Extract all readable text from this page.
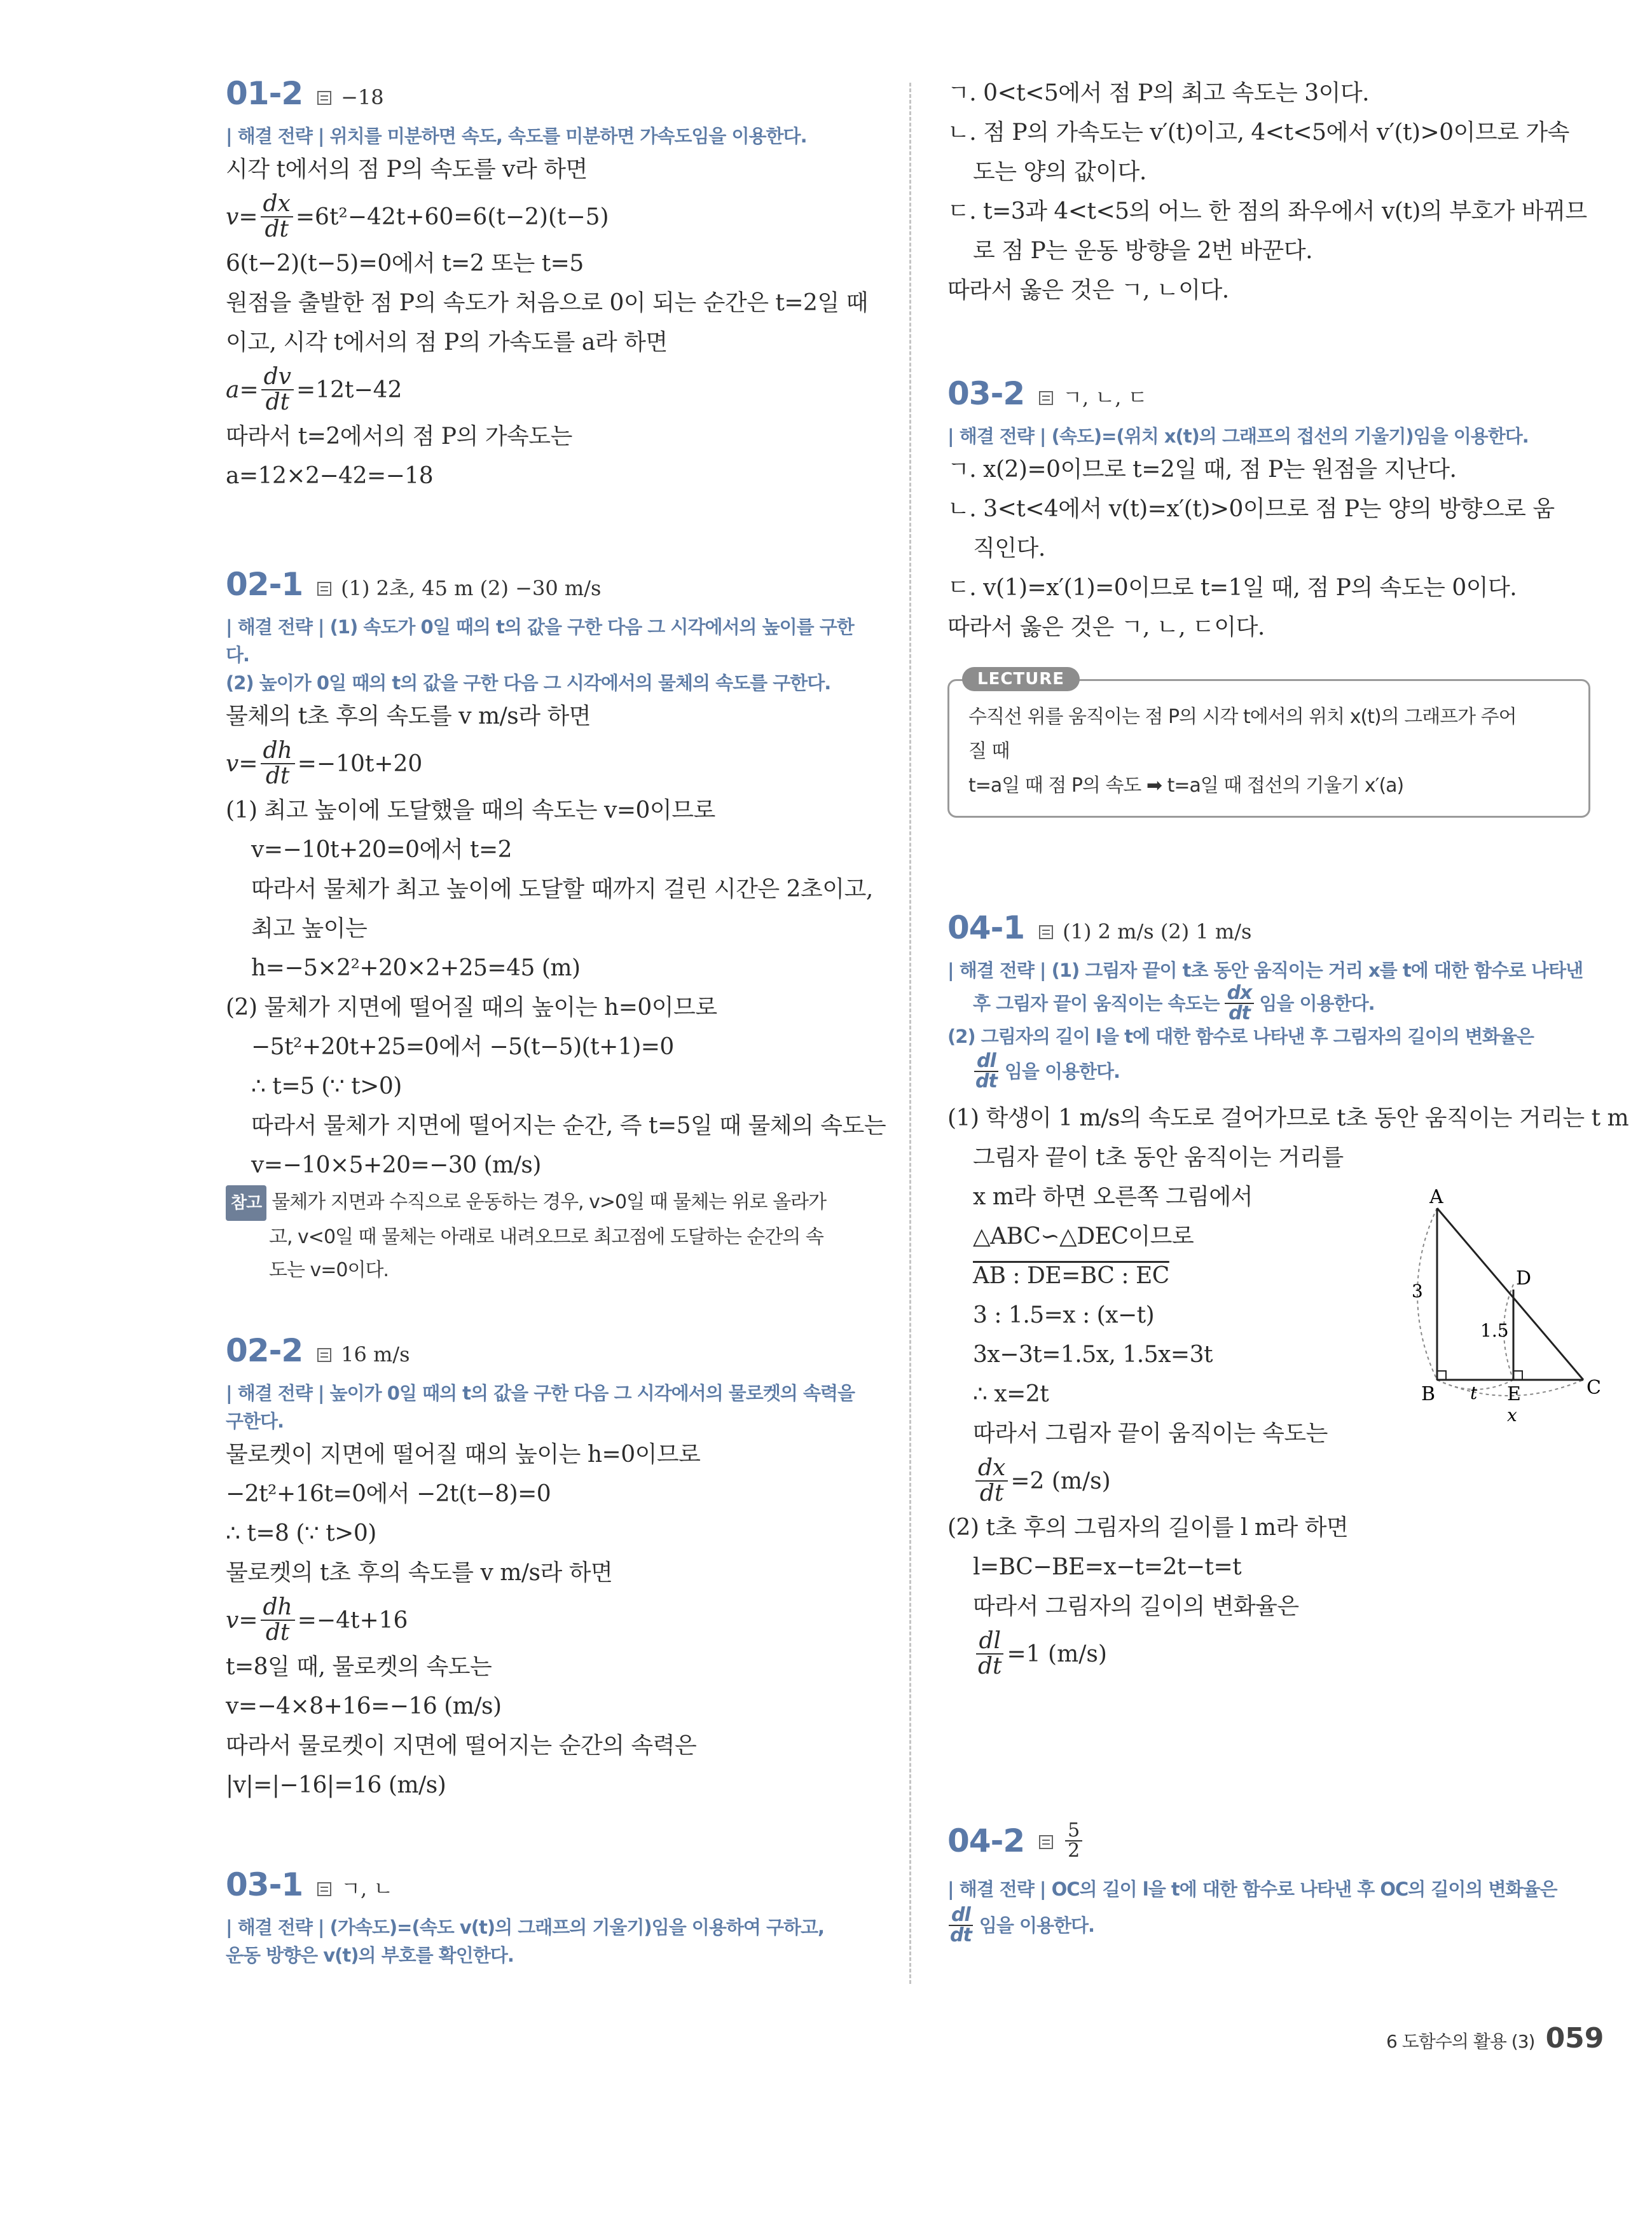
01-2 −18
| 해결 전략 | 위치를 미분하면 속도, 속도를 미분하면 가속도임을 이용한다.
시각 t에서의 점 P의 속도를 v라 하면
$v= \frac{dx}{dt} =6t^2-42t+60=6(t-2)(t-5)$
6(t−2)(t−5)=0에서 t=2 또는 t=5
원점을 출발한 점 P의 속도가 처음으로 0이 되는 순간은 t=2일 때
이고, 시각 t에서의 점 P의 가속도를 a라 하면
$a= \frac{dv}{dt} =12t-42$
따라서 t=2에서의 점 P의 가속도는
a=12×2−42=−18
02-1 (1) 2초, 45 m (2) −30 m/s
| 해결 전략 | (1) 속도가 0일 때의 t의 값을 구한 다음 그 시각에서의 높이를 구한다.
(2) 높이가 0일 때의 t의 값을 구한 다음 그 시각에서의 물체의 속도를 구한다.
물체의 t초 후의 속도를 v m/s라 하면
$v= \frac{dh}{dt} =-10t+20$
(1) 최고 높이에 도달했을 때의 속도는 v=0이므로
v=−10t+20=0에서 t=2
따라서 물체가 최고 높이에 도달할 때까지 걸린 시간은 2초이고,
최고 높이는
h=−5×2²+20×2+25=45 (m)
(2) 물체가 지면에 떨어질 때의 높이는 h=0이므로
−5t²+20t+25=0에서 −5(t−5)(t+1)=0
∴ t=5 (∵ t>0)
따라서 물체가 지면에 떨어지는 순간, 즉 t=5일 때 물체의 속도는
v=−10×5+20=−30 (m/s)
참고 물체가 지면과 수직으로 운동하는 경우, v>0일 때 물체는 위로 올라가
고, v<0일 때 물체는 아래로 내려오므로 최고점에 도달하는 순간의 속
도는 v=0이다.
02-2 16 m/s
| 해결 전략 | 높이가 0일 때의 t의 값을 구한 다음 그 시각에서의 물로켓의 속력을
구한다.
물로켓이 지면에 떨어질 때의 높이는 h=0이므로
−2t²+16t=0에서 −2t(t−8)=0
∴ t=8 (∵ t>0)
물로켓의 t초 후의 속도를 v m/s라 하면
$v= \frac{dh}{dt} =-4t+16$
t=8일 때, 물로켓의 속도는
v=−4×8+16=−16 (m/s)
따라서 물로켓이 지면에 떨어지는 순간의 속력은
|v|=|−16|=16 (m/s)
03-1 ㄱ, ㄴ
| 해결 전략 | (가속도)=(속도 v(t)의 그래프의 기울기)임을 이용하여 구하고,
운동 방향은 v(t)의 부호를 확인한다.
ㄱ. 0<t<5에서 점 P의 최고 속도는 3이다.
ㄴ. 점 P의 가속도는 v′(t)이고, 4<t<5에서 v′(t)>0이므로 가속
도는 양의 값이다.
ㄷ. t=3과 4<t<5의 어느 한 점의 좌우에서 v(t)의 부호가 바뀌므
로 점 P는 운동 방향을 2번 바꾼다.
따라서 옳은 것은 ㄱ, ㄴ이다.
03-2 ㄱ, ㄴ, ㄷ
| 해결 전략 | (속도)=(위치 x(t)의 그래프의 접선의 기울기)임을 이용한다.
ㄱ. x(2)=0이므로 t=2일 때, 점 P는 원점을 지난다.
ㄴ. 3<t<4에서 v(t)=x′(t)>0이므로 점 P는 양의 방향으로 움
직인다.
ㄷ. v(1)=x′(1)=0이므로 t=1일 때, 점 P의 속도는 0이다.
따라서 옳은 것은 ㄱ, ㄴ, ㄷ이다.
LECTURE
수직선 위를 움직이는 점 P의 시각 t에서의 위치 x(t)의 그래프가 주어
질 때
t=a일 때 점 P의 속도 ➡ t=a일 때 접선의 기울기 x′(a)
04-1 (1) 2 m/s (2) 1 m/s
| 해결 전략 | (1) 그림자 끝이 t초 동안 움직이는 거리 x를 t에 대한 함수로 나타낸
후 그림자 끝이 움직이는 속도는 $\frac{dx}{dt}$ 임을 이용한다.
(2) 그림자의 길이 l을 t에 대한 함수로 나타낸 후 그림자의 길이의 변화율은
$\frac{dl}{dt}$ 임을 이용한다.
(1) 학생이 1 m/s의 속도로 걸어가므로 t초 동안 움직이는 거리는 t m
그림자 끝이 t초 동안 움직이는 거리를
x m라 하면 오른쪽 그림에서
△ABC∽△DEC이므로
AB : DE=BC : EC
3 : 1.5=x : (x−t)
3x−3t=1.5x, 1.5x=3t
∴ x=2t
따라서 그림자 끝이 움직이는 속도는
$\frac{dx}{dt} =2$ (m/s)
(2) t초 후의 그림자의 길이를 l m라 하면
l=BC−BE=x−t=2t−t=t
따라서 그림자의 길이의 변화율은
$\frac{dl}{dt} =1$ (m/s)
A
B	C
D
E
3
1.5
t
x
$04-2 \frac{5}{2}$
| 해결 전략 | OC의 길이 l을 t에 대한 함수로 나타낸 후 OC의 길이의 변화율은
$\frac{dl}{dt}$ 임을 이용한다.
6 도함수의 활용 (3) 059
